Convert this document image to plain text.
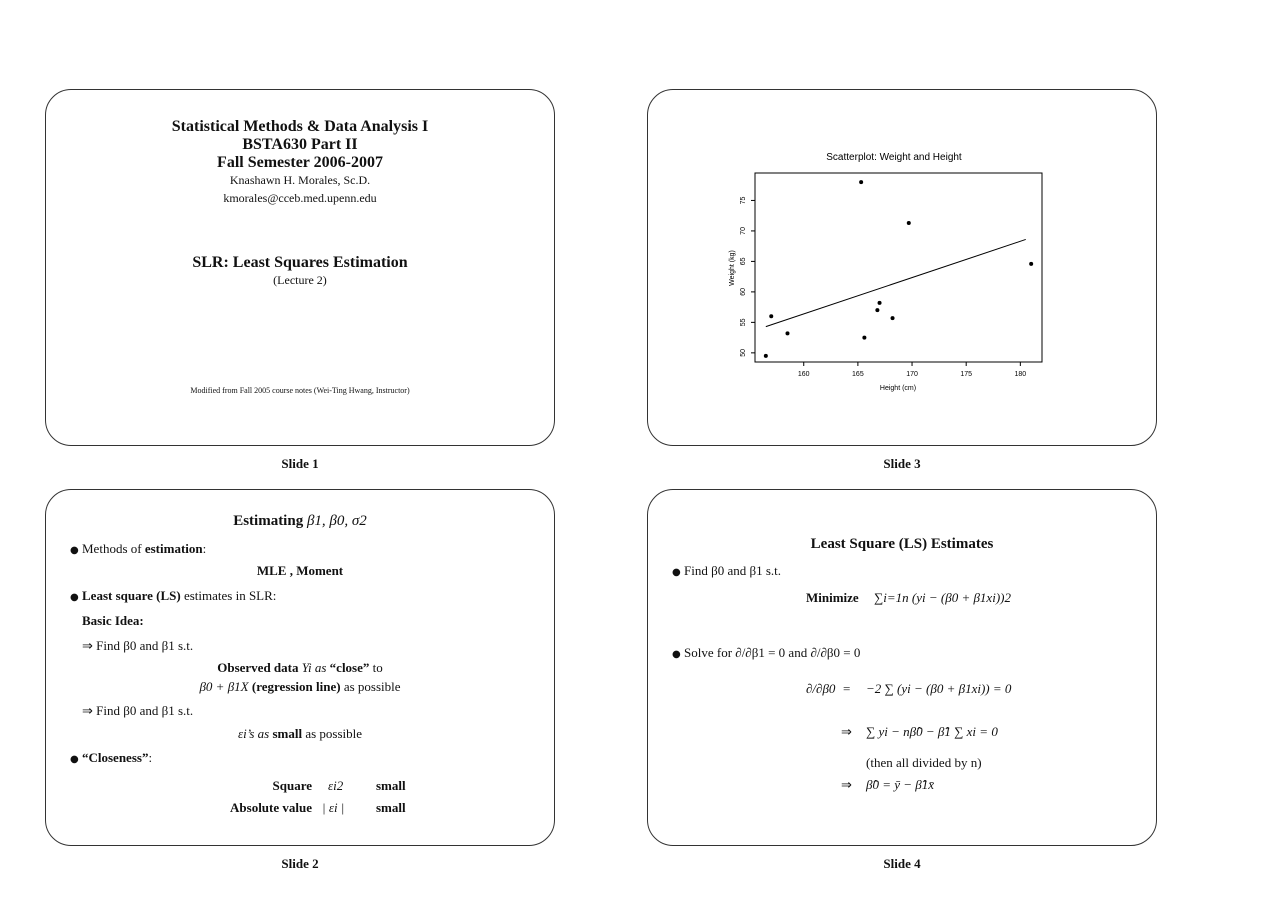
Statistical Methods & Data Analysis I
BSTA630 Part II
Fall Semester 2006-2007
Knashawn H. Morales, Sc.D.
kmorales@cceb.med.upenn.edu
SLR: Least Squares Estimation
(Lecture 2)
Modified from Fall 2005 course notes (Wei-Ting Hwang, Instructor)
Slide 1
Scatterplot: Weight and Height
160	165	170	175	180
50
55
60
65
70
75
Height (cm)
Weight (kg)
Slide 3
Estimating β1, β0, σ2
● Methods of estimation:
MLE , Moment
● Least square (LS) estimates in SLR:
Basic Idea:
⇒ Find β0 and β1 s.t.
Observed data Yi as “close” to
β0 + β1X (regression line) as possible
⇒ Find β0 and β1 s.t.
εi’s as small as possible
● “Closeness”:
Square εi2	small
Absolute value | εi | small
Slide 2
Least Square (LS) Estimates
● Find β0 and β1 s.t.
Minimize ∑i=1n (yi − (β0 + β1xi))2
● Solve for ∂/∂β1 = 0 and ∂/∂β0 = 0
∂/∂β0 = −2 ∑ (yi − (β0 + β1xi)) = 0
⇒ ∑ yi − nβ̂0 − β̂1 ∑ xi = 0
(then all divided by n)
⇒ β̂0 = ȳ − β̂1x̄
Slide 4
